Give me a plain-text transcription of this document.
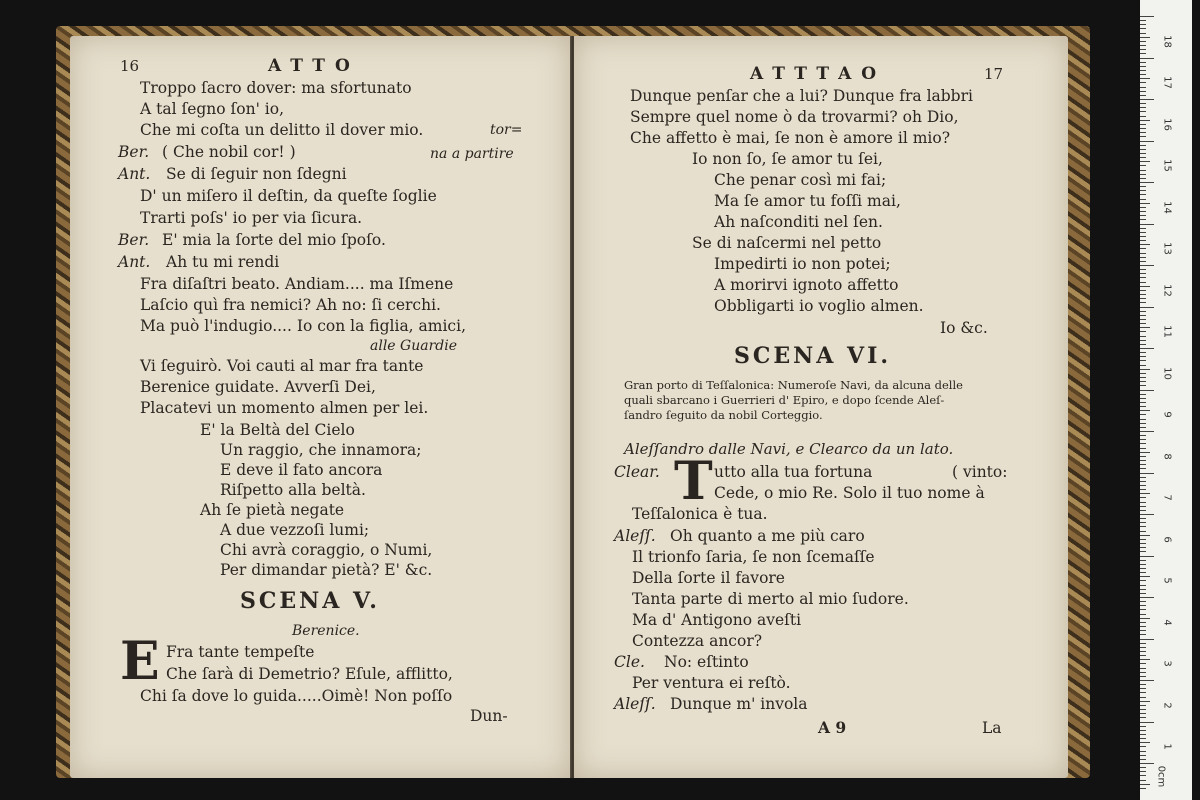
16	ATTO
Troppo ſacro dover: ma sfortunato
A tal ſegno ſon' io,
Che mi coſta un delitto il dover mio.	tor=
Ber. ( Che nobil cor! )	na a partire
Ant. Se di ſeguir non ſdegni
D' un miſero il deſtin, da queſte ſoglie
Trarti poſs' io per via ſicura.
Ber. E' mia la ſorte del mio ſpoſo.
Ant. Ah tu mi rendi
Fra diſaſtri beato. Andiam.... ma Iſmene
Laſcio quì fra nemici? Ah no: ſi cerchi.
Ma può l'indugio.... Io con la figlia, amici,
alle Guardie
Vi ſeguirò. Voi cauti al mar fra tante
Berenice guidate. Avverſi Dei,
Placatevi un momento almen per lei.
E' la Beltà del Cielo
Un raggio, che innamora;
E deve il fato ancora
Riſpetto alla beltà.
Ah ſe pietà negate
A due vezzoſi lumi;
Chi avrà coraggio, o Numi,
Per dimandar pietà? E' &c.
SCENA V.
Berenice.
E Fra tante tempeſte
Che ſarà di Demetrio? Eſule, afflitto,
Chi ſa dove lo guida.....Oimè! Non poſſo
Dun-
ATTTAO	17
Dunque penſar che a lui? Dunque fra labbri
Sempre quel nome ò da trovarmi? oh Dio,
Che affetto è mai, ſe non è amore il mio?
Io non ſo, ſe amor tu ſei,
Che penar così mi fai;
Ma ſe amor tu foſſi mai,
Ah naſconditi nel ſen.
Se di naſcermi nel petto
Impedirti io non potei;
A morirvi ignoto affetto
Obbligarti io voglio almen.
Io &c.
SCENA VI.
Gran porto di Teſſalonica: Numeroſe Navi, da alcuna delle
quali sbarcano i Guerrieri d' Epiro, e dopo ſcende Aleſ-
ſandro ſeguito da nobil Corteggio.
Aleſſandro dalle Navi, e Clearco da un lato.
Clear. T utto alla tua fortuna	( vinto:
Cede, o mio Re. Solo il tuo nome à
Teſſalonica è tua.
Aleſſ. Oh quanto a me più caro
Il trionfo ſaria, ſe non ſcemaſſe
Della ſorte il favore
Tanta parte di merto al mio ſudore.
Ma d' Antigono aveſti
Contezza ancor?
Cle. No: eſtinto
Per ventura ei reſtò.
Aleſſ. Dunque m' invola
A 9	La
0cm
18
17
16
15
14
13
12
11
10
9
8
7
6
5
4
3
2
1
